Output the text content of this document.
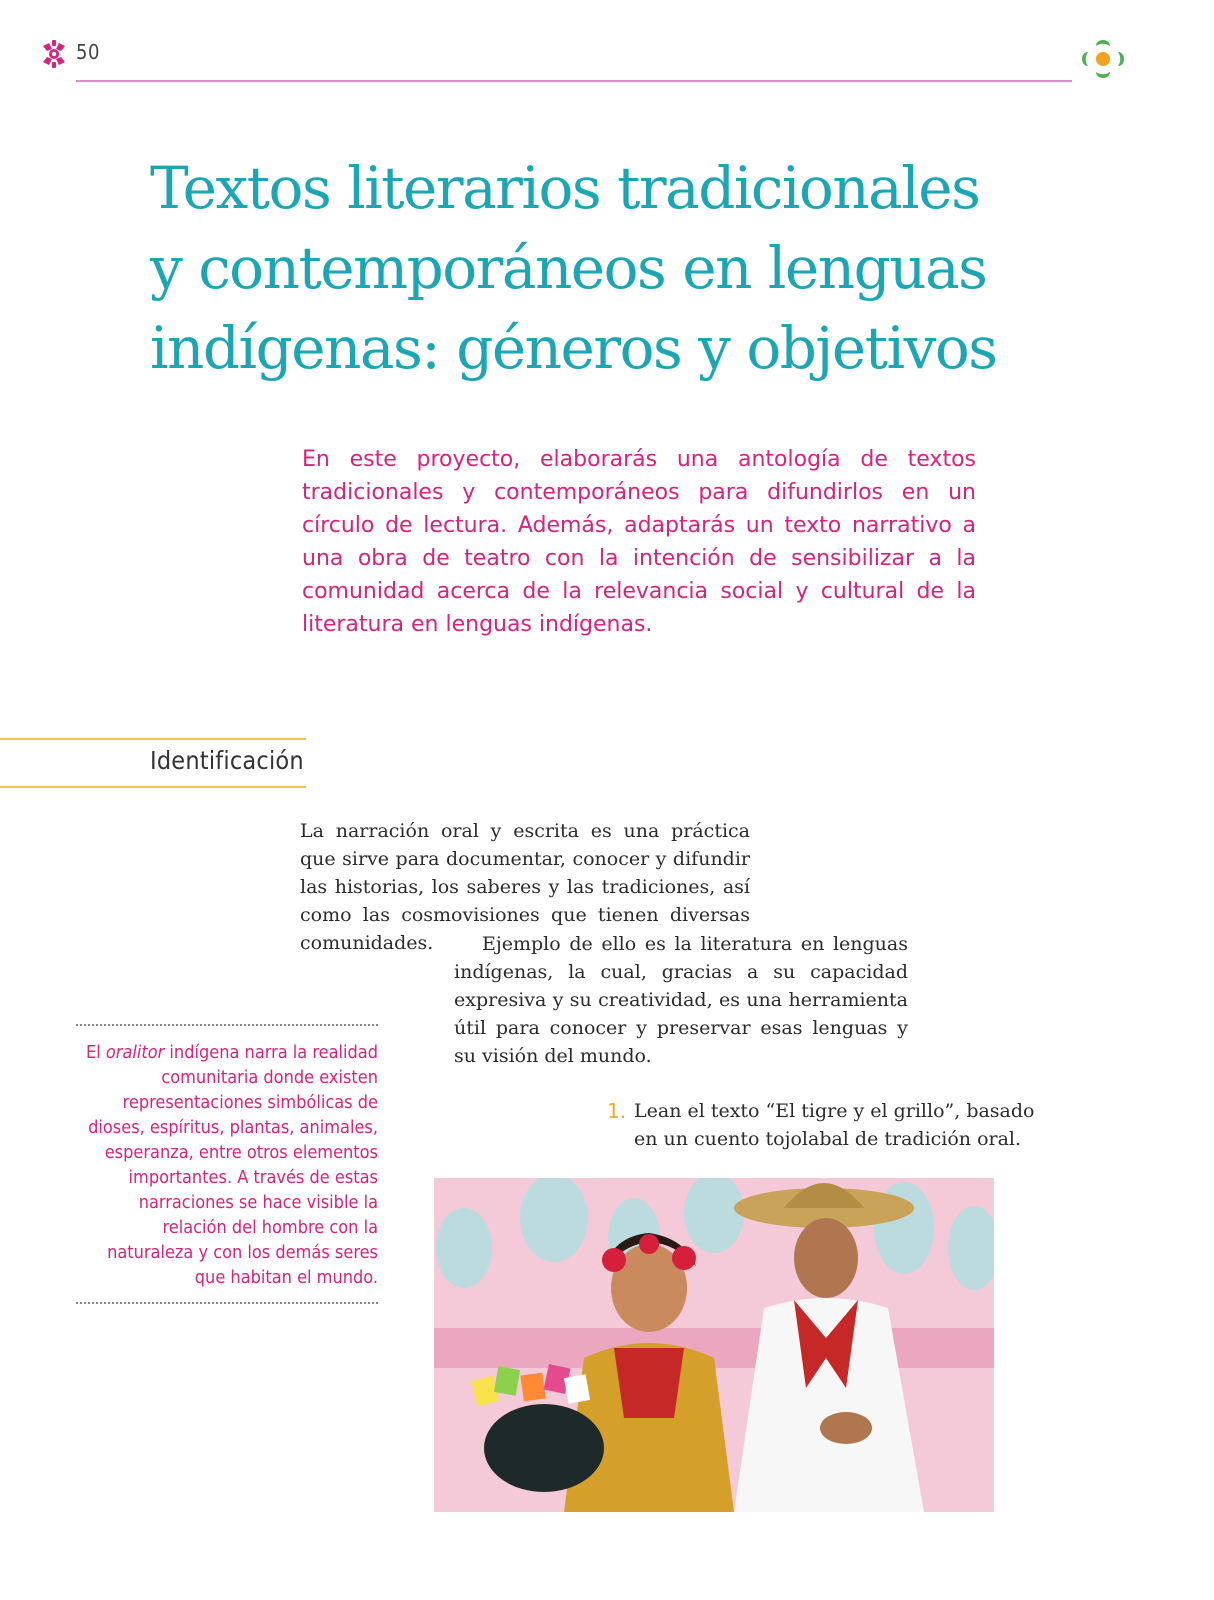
50
Textos literarios tradicionales
y contemporáneos en lenguas
indígenas: géneros y objetivos

En este proyecto, elaborarás una antología de textos tradicionales y contemporáneos para difundirlos en un círculo de lectura. Además, adaptarás un texto narrativo a una obra de teatro con la intención de sensibilizar a la comunidad acerca de la relevancia social y cultural de la literatura en lenguas indígenas.

Identificación

La narración oral y escrita es una práctica que sirve para documentar, conocer y difundir las historias, los saberes y las tradiciones, así como las cosmovisiones que tienen diversas comunidades.	Ejemplo de ello es la literatura en lenguas indígenas, la cual, gracias a su capacidad expresiva y su creatividad, es una herramienta útil para conocer y preservar esas lenguas y su visión del mundo.

El oralitor indígena narra la realidad comunitaria donde existen representaciones simbólicas de dioses, espíritus, plantas, animales, esperanza, entre otros elementos importantes. A través de estas narraciones se hace visible la relación del hombre con la naturaleza y con los demás seres que habitan el mundo.

1. Lean el texto “El tigre y el grillo”, basado en un cuento tojolabal de tradición oral.
